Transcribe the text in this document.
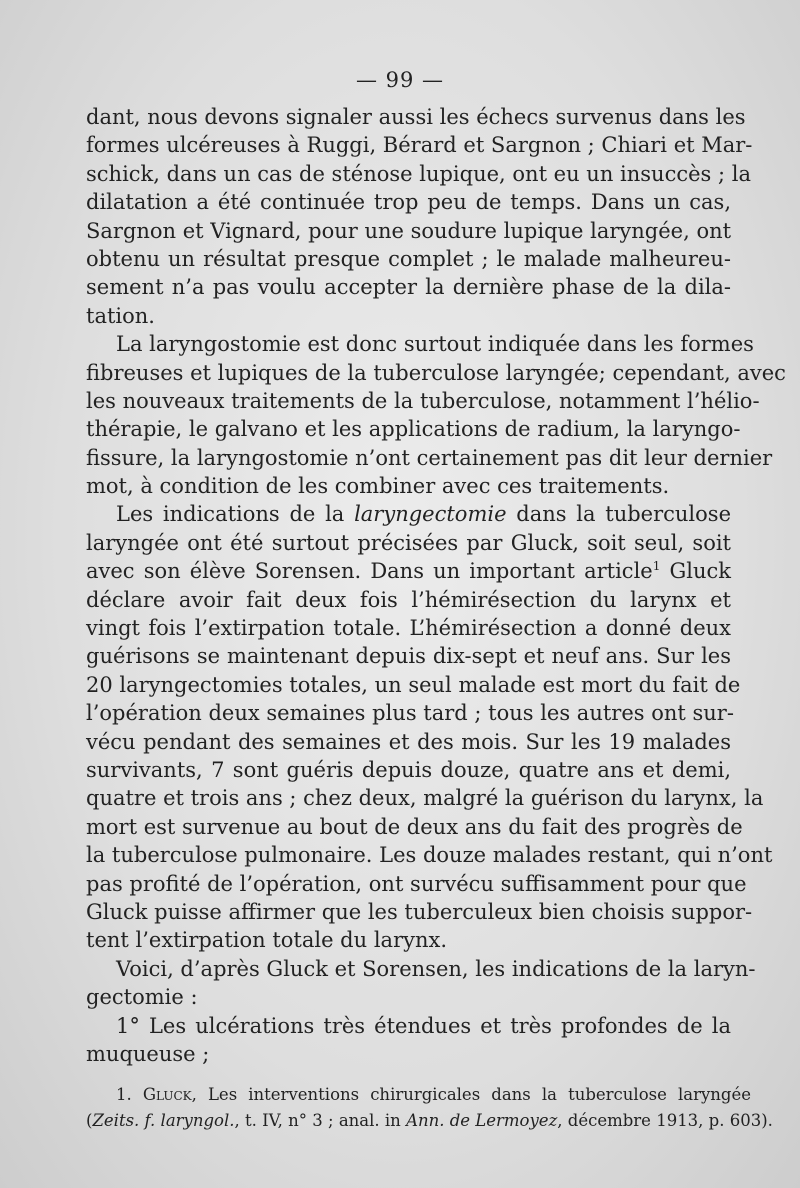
— 99 —
dant, nous devons signaler aussi les échecs survenus dans les
formes ulcéreuses à Ruggi, Bérard et Sargnon ; Chiari et Mar-
schick, dans un cas de sténose lupique, ont eu un insuccès ; la
dilatation a été continuée trop peu de temps. Dans un cas,
Sargnon et Vignard, pour une soudure lupique laryngée, ont
obtenu un résultat presque complet ; le malade malheureu-
sement n’a pas voulu accepter la dernière phase de la dila-
tation.
La laryngostomie est donc surtout indiquée dans les formes
fibreuses et lupiques de la tuberculose laryngée; cependant, avec
les nouveaux traitements de la tuberculose, notamment l’hélio-
thérapie, le galvano et les applications de radium, la laryngo-
fissure, la laryngostomie n’ont certainement pas dit leur dernier
mot, à condition de les combiner avec ces traitements.
Les indications de la laryngectomie dans la tuberculose
laryngée ont été surtout précisées par Gluck, soit seul, soit
avec son élève Sorensen. Dans un important article$^1$ Gluck
déclare avoir fait deux fois l’hémirésection du larynx et
vingt fois l’extirpation totale. L’hémirésection a donné deux
guérisons se maintenant depuis dix-sept et neuf ans. Sur les
20 laryngectomies totales, un seul malade est mort du fait de
l’opération deux semaines plus tard ; tous les autres ont sur-
vécu pendant des semaines et des mois. Sur les 19 malades
survivants, 7 sont guéris depuis douze, quatre ans et demi,
quatre et trois ans ; chez deux, malgré la guérison du larynx, la
mort est survenue au bout de deux ans du fait des progrès de
la tuberculose pulmonaire. Les douze malades restant, qui n’ont
pas profité de l’opération, ont survécu suffisamment pour que
Gluck puisse affirmer que les tuberculeux bien choisis suppor-
tent l’extirpation totale du larynx.
Voici, d’après Gluck et Sorensen, les indications de la laryn-
gectomie :
1° Les ulcérations très étendues et très profondes de la
muqueuse ;
1. Gluck, Les interventions chirurgicales dans la tuberculose laryngée
(Zeits. f. laryngol., t. IV, n° 3 ; anal. in Ann. de Lermoyez, décembre 1913, p. 603).
